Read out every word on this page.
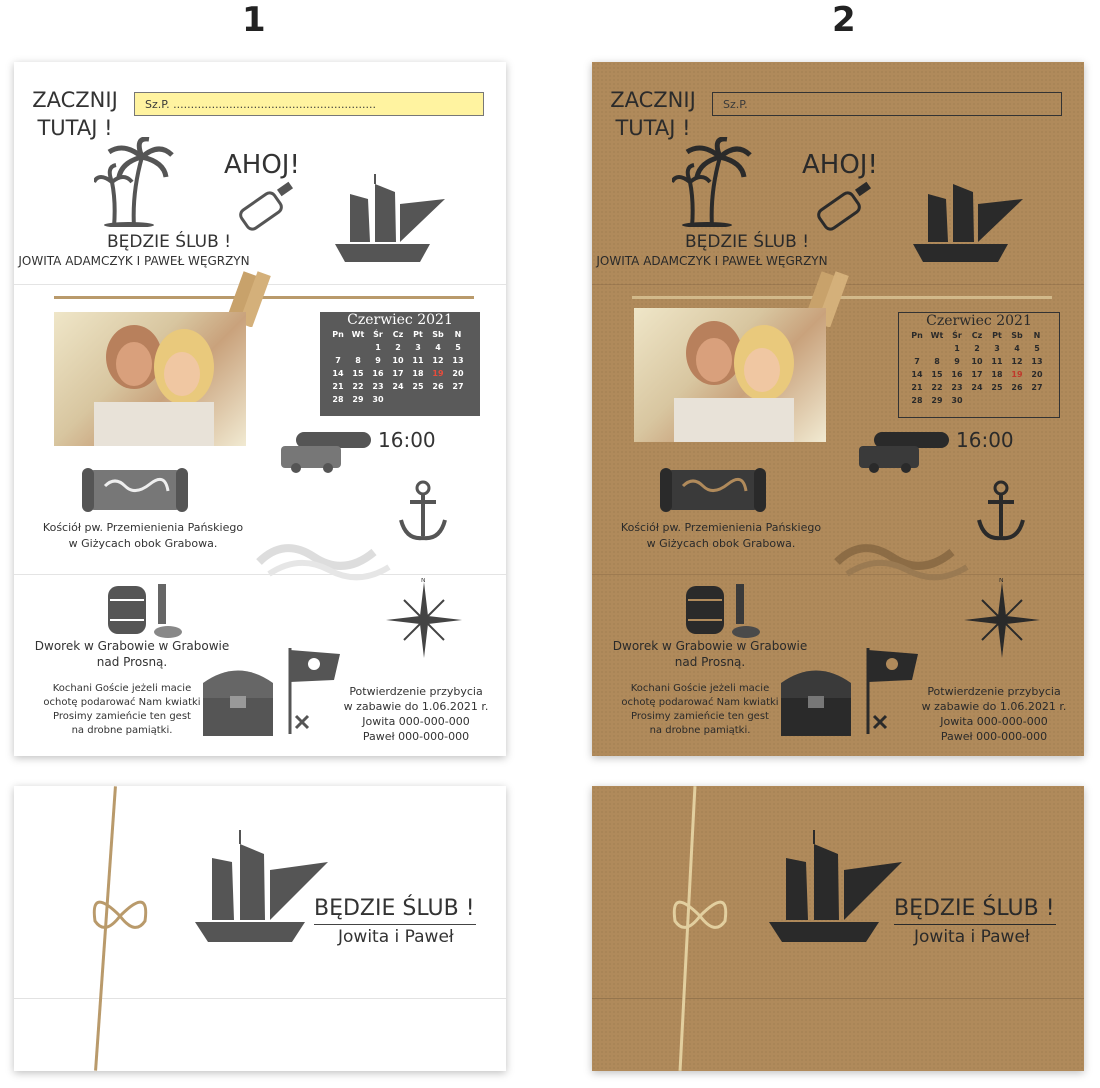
1	2
ZACZNIJ TUTAJ !
Sz.P. ..........................................................
AHOJ!
BĘDZIE ŚLUB !
JOWITA ADAMCZYK I PAWEŁ WĘGRZYN
Czerwiec 2021
Pn	Wt	Śr	Cz	Pt	Sb	N
		1	2	3	4	5
7	8	9	10	11	12	13
14	15	16	17	18	19	20
21	22	23	24	25	26	27
28	29	30				
16:00
Kościół pw. Przemienienia Pańskiego
w Giżycach obok Grabowa.
Dworek w Grabowie w Grabowie
nad Prosną.
Kochani Goście jeżeli macie
ochotę podarować Nam kwiatki
Prosimy zamieńcie ten gest
na drobne pamiątki.
N
Potwierdzenie przybycia
w zabawie do 1.06.2021 r.
Jowita 000-000-000
Paweł 000-000-000
ZACZNIJ TUTAJ !
Sz.P.
AHOJ!
BĘDZIE ŚLUB !
JOWITA ADAMCZYK I PAWEŁ WĘGRZYN
Czerwiec 2021
Pn	Wt	Śr	Cz	Pt	Sb	N
		1	2	3	4	5
7	8	9	10	11	12	13
14	15	16	17	18	19	20
21	22	23	24	25	26	27
28	29	30				
16:00
Kościół pw. Przemienienia Pańskiego
w Giżycach obok Grabowa.
Dworek w Grabowie w Grabowie
nad Prosną.
Kochani Goście jeżeli macie
ochotę podarować Nam kwiatki
Prosimy zamieńcie ten gest
na drobne pamiątki.
N
Potwierdzenie przybycia
w zabawie do 1.06.2021 r.
Jowita 000-000-000
Paweł 000-000-000
BĘDZIE ŚLUB !
Jowita i Paweł
BĘDZIE ŚLUB !
Jowita i Paweł
